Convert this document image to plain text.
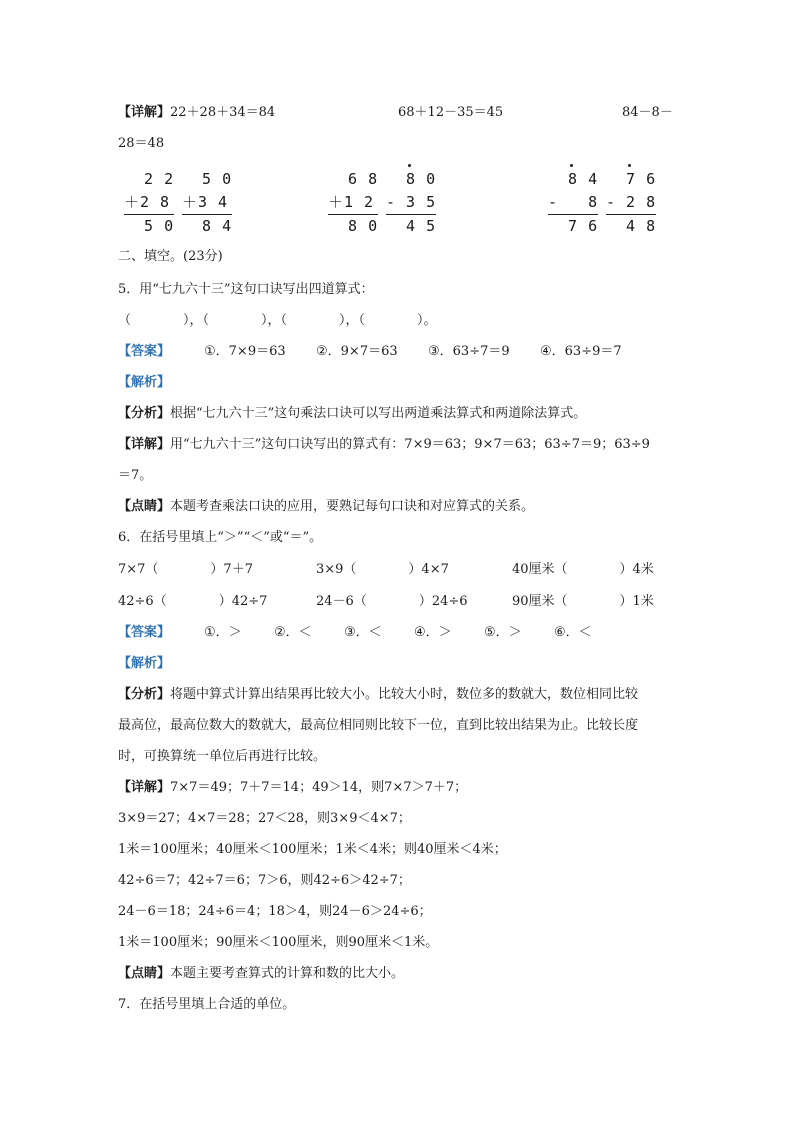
【详解】22＋28＋34＝84	68＋12－35＝45	84－8－
28＝48
2 2
＋2 8
5 0
5 0
＋3 4
8 4
6 8
＋1 2
8 0
8 0
- 3 5
4 5
8 4
-   8
7 6
7 6
- 2 8
4 8
二、填空。(23分)
5．用“七九六十三”这句口诀写出四道算式：
（　　　　），（　　　　），（　　　　），（　　　　）。
【答案】	①．7×9＝63 ②．9×7＝63 ③．63÷7＝9 ④．63÷9＝7
【解析】
【分析】根据“七九六十三”这句乘法口诀可以写出两道乘法算式和两道除法算式。
【详解】用“七九六十三”这句口诀写出的算式有：7×9＝63；9×7＝63；63÷7＝9；63÷9
＝7。
【点睛】本题考查乘法口诀的应用，要熟记每句口诀和对应算式的关系。
6．在括号里填上“＞”“＜”或“＝”。
7×7（　　　　）7＋7	3×9（　　　　）4×7	40厘米（　　　　）4米
42÷6（　　　　）42÷7	24－6（　　　　）24÷6	90厘米（　　　　）1米
【答案】	①．＞ ②．＜ ③．＜ ④．＞ ⑤．＞ ⑥．＜
【解析】
【分析】将题中算式计算出结果再比较大小。比较大小时，数位多的数就大，数位相同比较
最高位，最高位数大的数就大，最高位相同则比较下一位，直到比较出结果为止。比较长度
时，可换算统一单位后再进行比较。
【详解】7×7＝49；7＋7＝14；49＞14，则7×7＞7＋7；
3×9＝27；4×7＝28；27＜28，则3×9＜4×7；
1米＝100厘米；40厘米＜100厘米；1米＜4米；则40厘米＜4米；
42÷6＝7；42÷7＝6；7＞6，则42÷6＞42÷7；
24－6＝18；24÷6＝4；18＞4，则24－6＞24÷6；
1米＝100厘米；90厘米＜100厘米，则90厘米＜1米。
【点睛】本题主要考查算式的计算和数的比大小。
7．在括号里填上合适的单位。
